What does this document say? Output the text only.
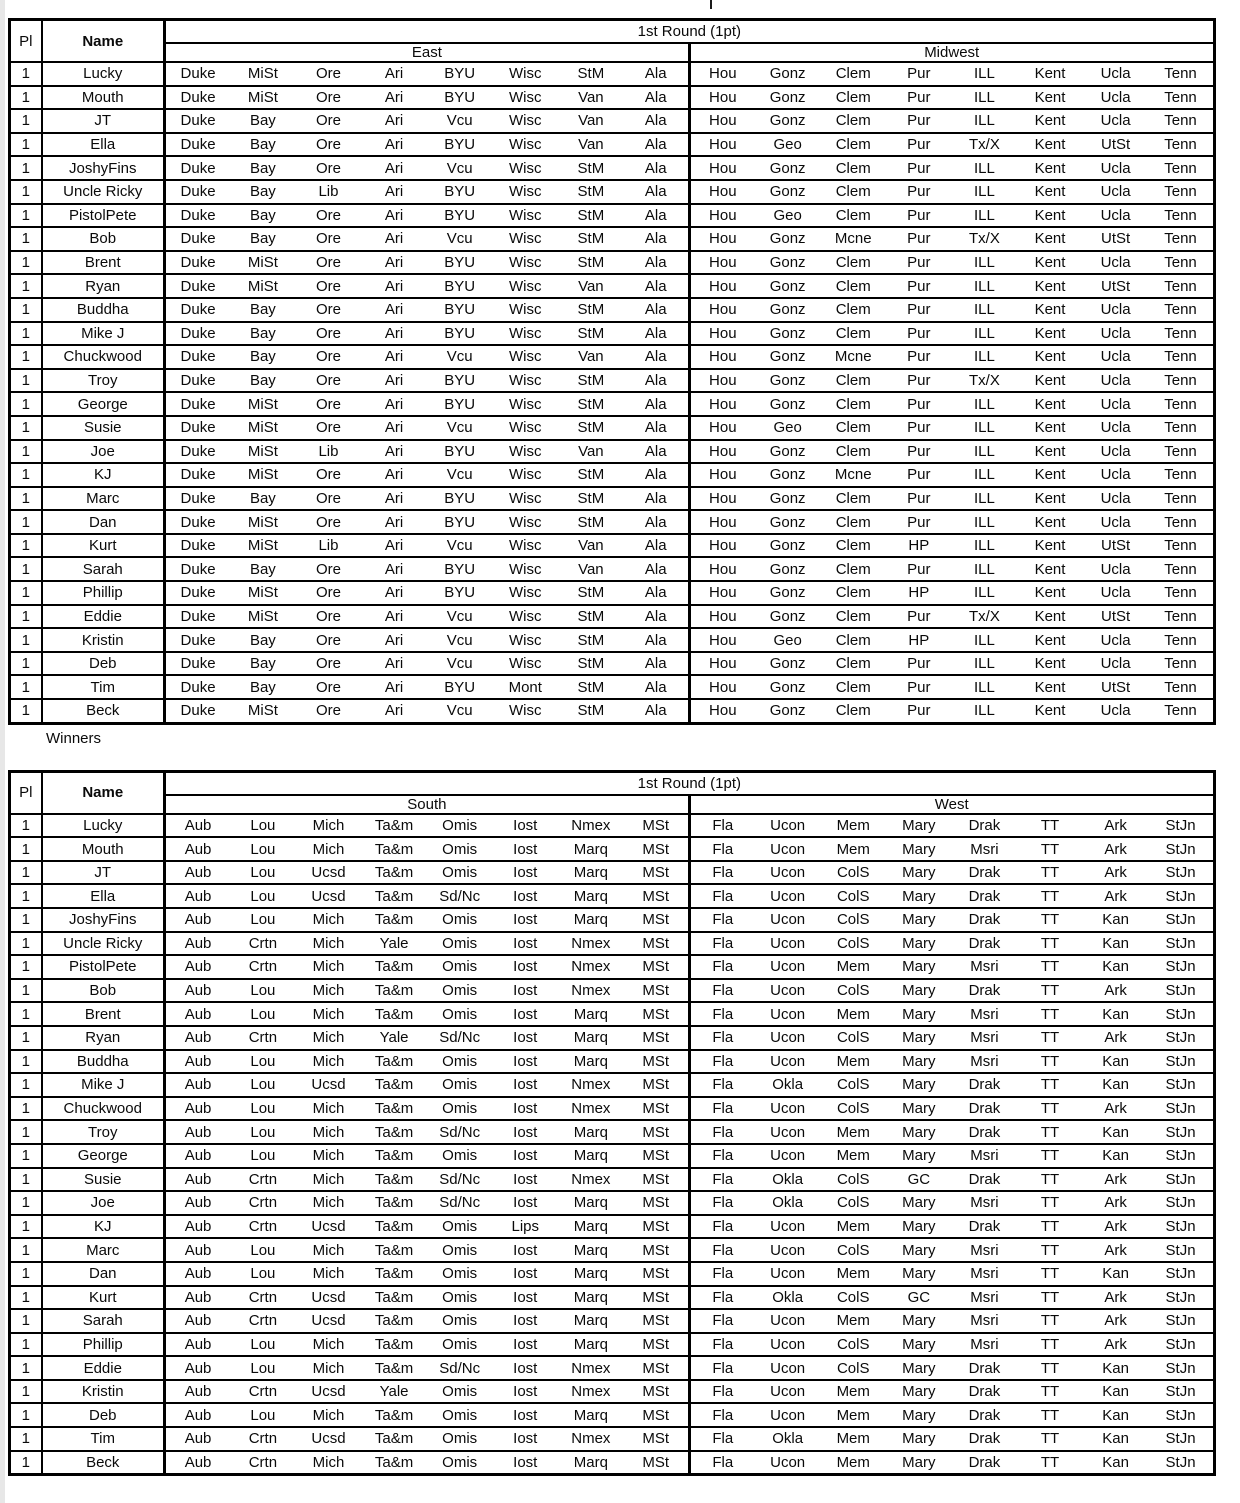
Pl	Name	1st Round (1pt)															
		East								Midwest							
1	Lucky	Duke	MiSt	Ore	Ari	BYU	Wisc	StM	Ala	Hou	Gonz	Clem	Pur	ILL	Kent	Ucla	Tenn
1	Mouth	Duke	MiSt	Ore	Ari	BYU	Wisc	Van	Ala	Hou	Gonz	Clem	Pur	ILL	Kent	Ucla	Tenn
1	JT	Duke	Bay	Ore	Ari	Vcu	Wisc	Van	Ala	Hou	Gonz	Clem	Pur	ILL	Kent	Ucla	Tenn
1	Ella	Duke	Bay	Ore	Ari	BYU	Wisc	Van	Ala	Hou	Geo	Clem	Pur	Tx/X	Kent	UtSt	Tenn
1	JoshyFins	Duke	Bay	Ore	Ari	Vcu	Wisc	StM	Ala	Hou	Gonz	Clem	Pur	ILL	Kent	Ucla	Tenn
1	Uncle Ricky	Duke	Bay	Lib	Ari	BYU	Wisc	StM	Ala	Hou	Gonz	Clem	Pur	ILL	Kent	Ucla	Tenn
1	PistolPete	Duke	Bay	Ore	Ari	BYU	Wisc	StM	Ala	Hou	Geo	Clem	Pur	ILL	Kent	Ucla	Tenn
1	Bob	Duke	Bay	Ore	Ari	Vcu	Wisc	StM	Ala	Hou	Gonz	Mcne	Pur	Tx/X	Kent	UtSt	Tenn
1	Brent	Duke	MiSt	Ore	Ari	BYU	Wisc	StM	Ala	Hou	Gonz	Clem	Pur	ILL	Kent	Ucla	Tenn
1	Ryan	Duke	MiSt	Ore	Ari	BYU	Wisc	Van	Ala	Hou	Gonz	Clem	Pur	ILL	Kent	UtSt	Tenn
1	Buddha	Duke	Bay	Ore	Ari	BYU	Wisc	StM	Ala	Hou	Gonz	Clem	Pur	ILL	Kent	Ucla	Tenn
1	Mike J	Duke	Bay	Ore	Ari	BYU	Wisc	StM	Ala	Hou	Gonz	Clem	Pur	ILL	Kent	Ucla	Tenn
1	Chuckwood	Duke	Bay	Ore	Ari	Vcu	Wisc	Van	Ala	Hou	Gonz	Mcne	Pur	ILL	Kent	Ucla	Tenn
1	Troy	Duke	Bay	Ore	Ari	BYU	Wisc	StM	Ala	Hou	Gonz	Clem	Pur	Tx/X	Kent	Ucla	Tenn
1	George	Duke	MiSt	Ore	Ari	BYU	Wisc	StM	Ala	Hou	Gonz	Clem	Pur	ILL	Kent	Ucla	Tenn
1	Susie	Duke	MiSt	Ore	Ari	Vcu	Wisc	StM	Ala	Hou	Geo	Clem	Pur	ILL	Kent	Ucla	Tenn
1	Joe	Duke	MiSt	Lib	Ari	BYU	Wisc	Van	Ala	Hou	Gonz	Clem	Pur	ILL	Kent	Ucla	Tenn
1	KJ	Duke	MiSt	Ore	Ari	Vcu	Wisc	StM	Ala	Hou	Gonz	Mcne	Pur	ILL	Kent	Ucla	Tenn
1	Marc	Duke	Bay	Ore	Ari	BYU	Wisc	StM	Ala	Hou	Gonz	Clem	Pur	ILL	Kent	Ucla	Tenn
1	Dan	Duke	MiSt	Ore	Ari	BYU	Wisc	StM	Ala	Hou	Gonz	Clem	Pur	ILL	Kent	Ucla	Tenn
1	Kurt	Duke	MiSt	Lib	Ari	Vcu	Wisc	Van	Ala	Hou	Gonz	Clem	HP	ILL	Kent	UtSt	Tenn
1	Sarah	Duke	Bay	Ore	Ari	BYU	Wisc	Van	Ala	Hou	Gonz	Clem	Pur	ILL	Kent	Ucla	Tenn
1	Phillip	Duke	MiSt	Ore	Ari	BYU	Wisc	StM	Ala	Hou	Gonz	Clem	HP	ILL	Kent	Ucla	Tenn
1	Eddie	Duke	MiSt	Ore	Ari	Vcu	Wisc	StM	Ala	Hou	Gonz	Clem	Pur	Tx/X	Kent	UtSt	Tenn
1	Kristin	Duke	Bay	Ore	Ari	Vcu	Wisc	StM	Ala	Hou	Geo	Clem	HP	ILL	Kent	Ucla	Tenn
1	Deb	Duke	Bay	Ore	Ari	Vcu	Wisc	StM	Ala	Hou	Gonz	Clem	Pur	ILL	Kent	Ucla	Tenn
1	Tim	Duke	Bay	Ore	Ari	BYU	Mont	StM	Ala	Hou	Gonz	Clem	Pur	ILL	Kent	UtSt	Tenn
1	Beck	Duke	MiSt	Ore	Ari	Vcu	Wisc	StM	Ala	Hou	Gonz	Clem	Pur	ILL	Kent	Ucla	Tenn
Winners
Pl	Name	1st Round (1pt)															
		South								West							
1	Lucky	Aub	Lou	Mich	Ta&m	Omis	Iost	Nmex	MSt	Fla	Ucon	Mem	Mary	Drak	TT	Ark	StJn
1	Mouth	Aub	Lou	Mich	Ta&m	Omis	Iost	Marq	MSt	Fla	Ucon	Mem	Mary	Msri	TT	Ark	StJn
1	JT	Aub	Lou	Ucsd	Ta&m	Omis	Iost	Marq	MSt	Fla	Ucon	ColS	Mary	Drak	TT	Ark	StJn
1	Ella	Aub	Lou	Ucsd	Ta&m	Sd/Nc	Iost	Marq	MSt	Fla	Ucon	ColS	Mary	Drak	TT	Ark	StJn
1	JoshyFins	Aub	Lou	Mich	Ta&m	Omis	Iost	Marq	MSt	Fla	Ucon	ColS	Mary	Drak	TT	Kan	StJn
1	Uncle Ricky	Aub	Crtn	Mich	Yale	Omis	Iost	Nmex	MSt	Fla	Ucon	ColS	Mary	Drak	TT	Kan	StJn
1	PistolPete	Aub	Crtn	Mich	Ta&m	Omis	Iost	Nmex	MSt	Fla	Ucon	Mem	Mary	Msri	TT	Kan	StJn
1	Bob	Aub	Lou	Mich	Ta&m	Omis	Iost	Nmex	MSt	Fla	Ucon	ColS	Mary	Drak	TT	Ark	StJn
1	Brent	Aub	Lou	Mich	Ta&m	Omis	Iost	Marq	MSt	Fla	Ucon	Mem	Mary	Msri	TT	Kan	StJn
1	Ryan	Aub	Crtn	Mich	Yale	Sd/Nc	Iost	Marq	MSt	Fla	Ucon	ColS	Mary	Msri	TT	Ark	StJn
1	Buddha	Aub	Lou	Mich	Ta&m	Omis	Iost	Marq	MSt	Fla	Ucon	Mem	Mary	Msri	TT	Kan	StJn
1	Mike J	Aub	Lou	Ucsd	Ta&m	Omis	Iost	Nmex	MSt	Fla	Okla	ColS	Mary	Drak	TT	Kan	StJn
1	Chuckwood	Aub	Lou	Mich	Ta&m	Omis	Iost	Nmex	MSt	Fla	Ucon	ColS	Mary	Drak	TT	Ark	StJn
1	Troy	Aub	Lou	Mich	Ta&m	Sd/Nc	Iost	Marq	MSt	Fla	Ucon	Mem	Mary	Drak	TT	Kan	StJn
1	George	Aub	Lou	Mich	Ta&m	Omis	Iost	Marq	MSt	Fla	Ucon	Mem	Mary	Msri	TT	Kan	StJn
1	Susie	Aub	Crtn	Mich	Ta&m	Sd/Nc	Iost	Nmex	MSt	Fla	Okla	ColS	GC	Drak	TT	Ark	StJn
1	Joe	Aub	Crtn	Mich	Ta&m	Sd/Nc	Iost	Marq	MSt	Fla	Okla	ColS	Mary	Msri	TT	Ark	StJn
1	KJ	Aub	Crtn	Ucsd	Ta&m	Omis	Lips	Marq	MSt	Fla	Ucon	Mem	Mary	Drak	TT	Ark	StJn
1	Marc	Aub	Lou	Mich	Ta&m	Omis	Iost	Marq	MSt	Fla	Ucon	ColS	Mary	Msri	TT	Ark	StJn
1	Dan	Aub	Lou	Mich	Ta&m	Omis	Iost	Marq	MSt	Fla	Ucon	Mem	Mary	Msri	TT	Kan	StJn
1	Kurt	Aub	Crtn	Ucsd	Ta&m	Omis	Iost	Marq	MSt	Fla	Okla	ColS	GC	Msri	TT	Ark	StJn
1	Sarah	Aub	Crtn	Ucsd	Ta&m	Omis	Iost	Marq	MSt	Fla	Ucon	Mem	Mary	Msri	TT	Ark	StJn
1	Phillip	Aub	Lou	Mich	Ta&m	Omis	Iost	Marq	MSt	Fla	Ucon	ColS	Mary	Msri	TT	Ark	StJn
1	Eddie	Aub	Lou	Mich	Ta&m	Sd/Nc	Iost	Nmex	MSt	Fla	Ucon	ColS	Mary	Drak	TT	Kan	StJn
1	Kristin	Aub	Crtn	Ucsd	Yale	Omis	Iost	Nmex	MSt	Fla	Ucon	Mem	Mary	Drak	TT	Kan	StJn
1	Deb	Aub	Lou	Mich	Ta&m	Omis	Iost	Marq	MSt	Fla	Ucon	Mem	Mary	Drak	TT	Kan	StJn
1	Tim	Aub	Crtn	Ucsd	Ta&m	Omis	Iost	Nmex	MSt	Fla	Okla	Mem	Mary	Drak	TT	Kan	StJn
1	Beck	Aub	Crtn	Mich	Ta&m	Omis	Iost	Marq	MSt	Fla	Ucon	Mem	Mary	Drak	TT	Kan	StJn
